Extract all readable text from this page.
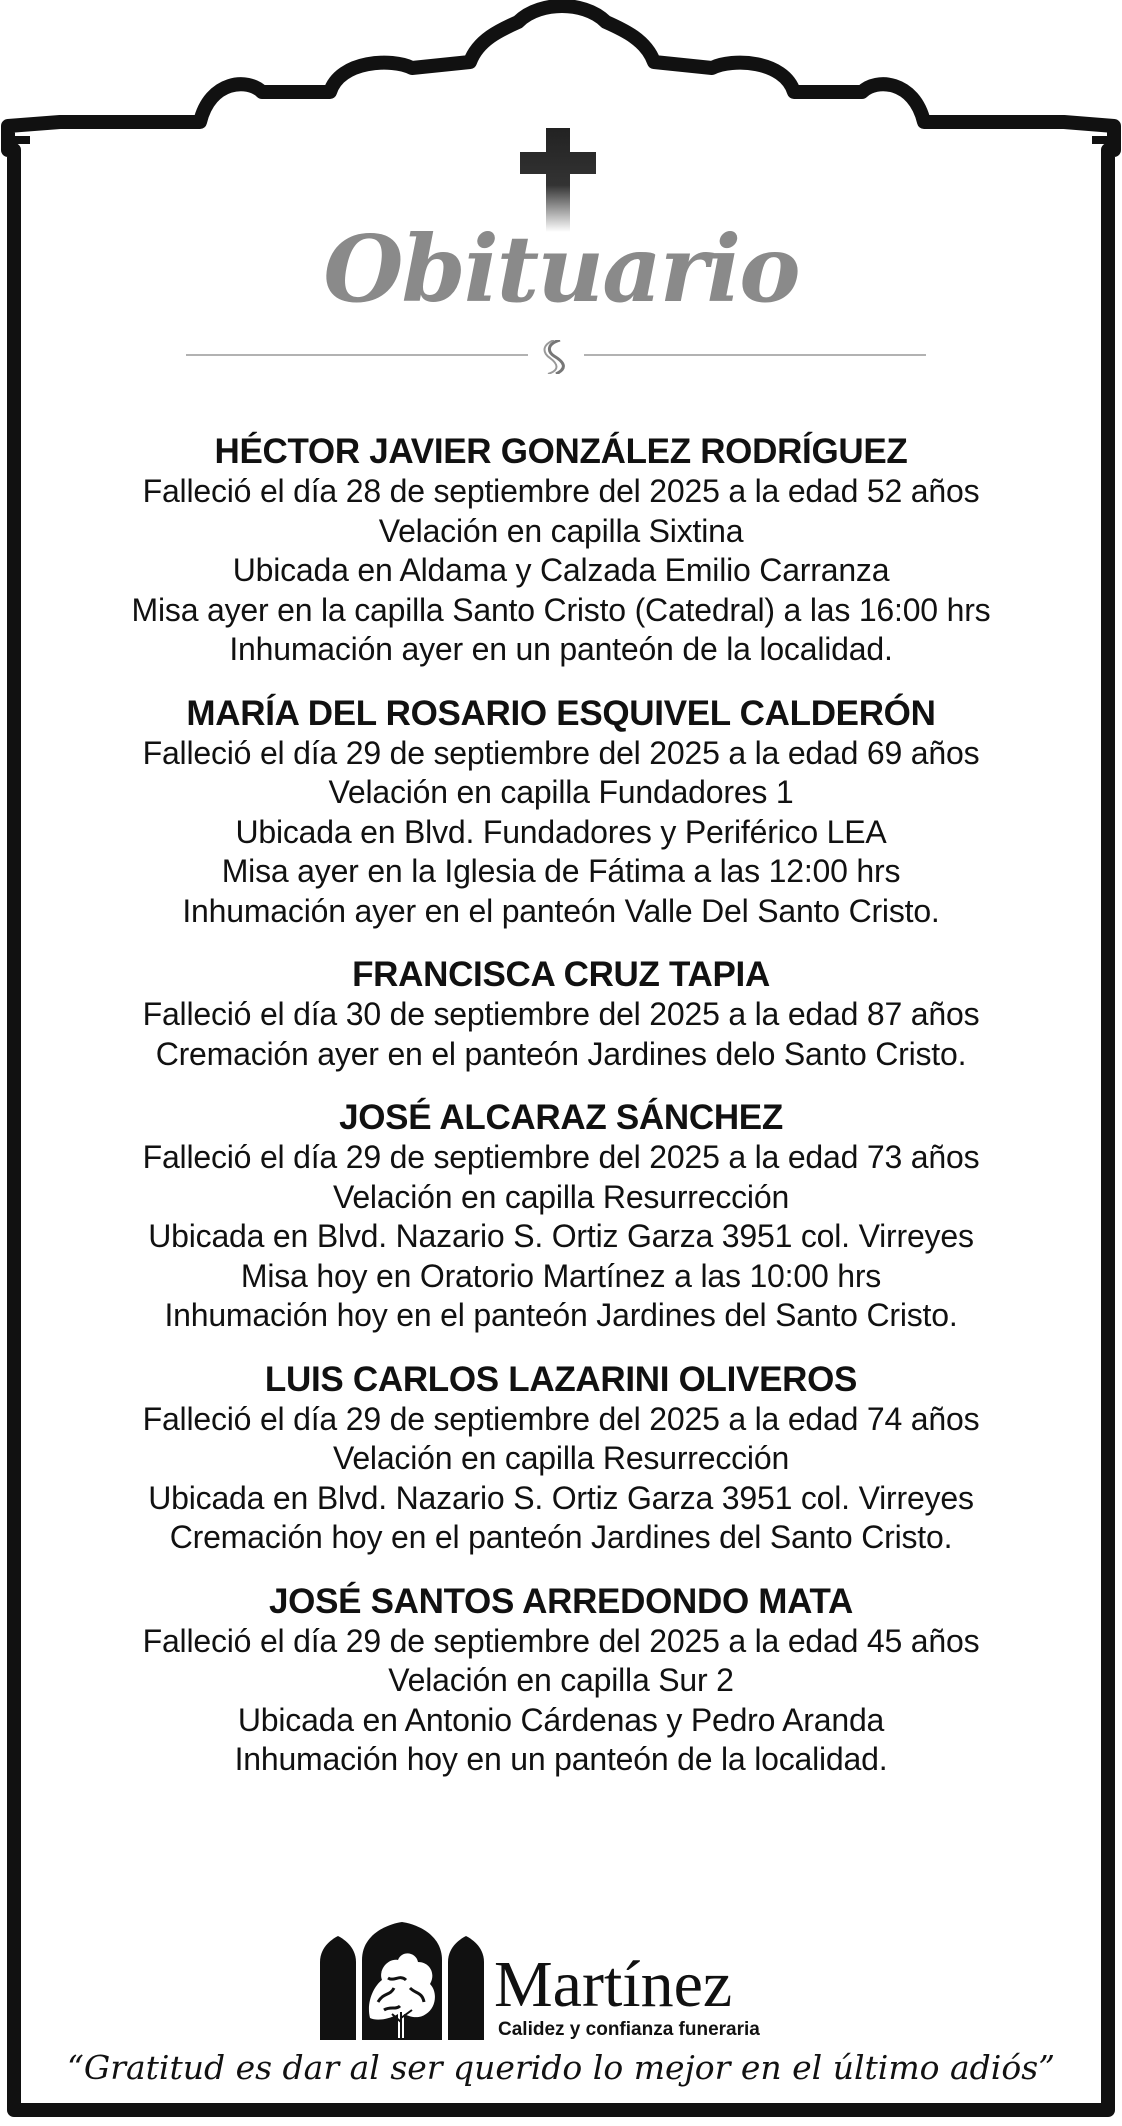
Obituario
HÉCTOR JAVIER GONZÁLEZ RODRÍGUEZ
Falleció el día 28 de septiembre del 2025 a la edad 52 años
Velación en capilla Sixtina
Ubicada en Aldama y Calzada Emilio Carranza
Misa ayer en la capilla Santo Cristo (Catedral) a las 16:00 hrs
Inhumación ayer en un panteón de la localidad.
MARÍA DEL ROSARIO ESQUIVEL CALDERÓN
Falleció el día 29 de septiembre del 2025 a la edad 69 años
Velación en capilla Fundadores 1
Ubicada en Blvd. Fundadores y Periférico LEA
Misa ayer en la Iglesia de Fátima a las 12:00 hrs
Inhumación ayer en el panteón Valle Del Santo Cristo.
FRANCISCA CRUZ TAPIA
Falleció el día 30 de septiembre del 2025 a la edad 87 años
Cremación ayer en el panteón Jardines delo Santo Cristo.
JOSÉ ALCARAZ SÁNCHEZ
Falleció el día 29 de septiembre del 2025 a la edad 73 años
Velación en capilla Resurrección
Ubicada en Blvd. Nazario S. Ortiz Garza 3951 col. Virreyes
Misa hoy en Oratorio Martínez a las 10:00 hrs
Inhumación hoy en el panteón Jardines del Santo Cristo.
LUIS CARLOS LAZARINI OLIVEROS
Falleció el día 29 de septiembre del 2025 a la edad 74 años
Velación en capilla Resurrección
Ubicada en Blvd. Nazario S. Ortiz Garza 3951 col. Virreyes
Cremación hoy en el panteón Jardines del Santo Cristo.
JOSÉ SANTOS ARREDONDO MATA
Falleció el día 29 de septiembre del 2025 a la edad 45 años
Velación en capilla Sur 2
Ubicada en Antonio Cárdenas y Pedro Aranda
Inhumación hoy en un panteón de la localidad.
Martínez
Calidez y confianza funeraria
“Gratitud es dar al ser querido lo mejor en el último adiós”
